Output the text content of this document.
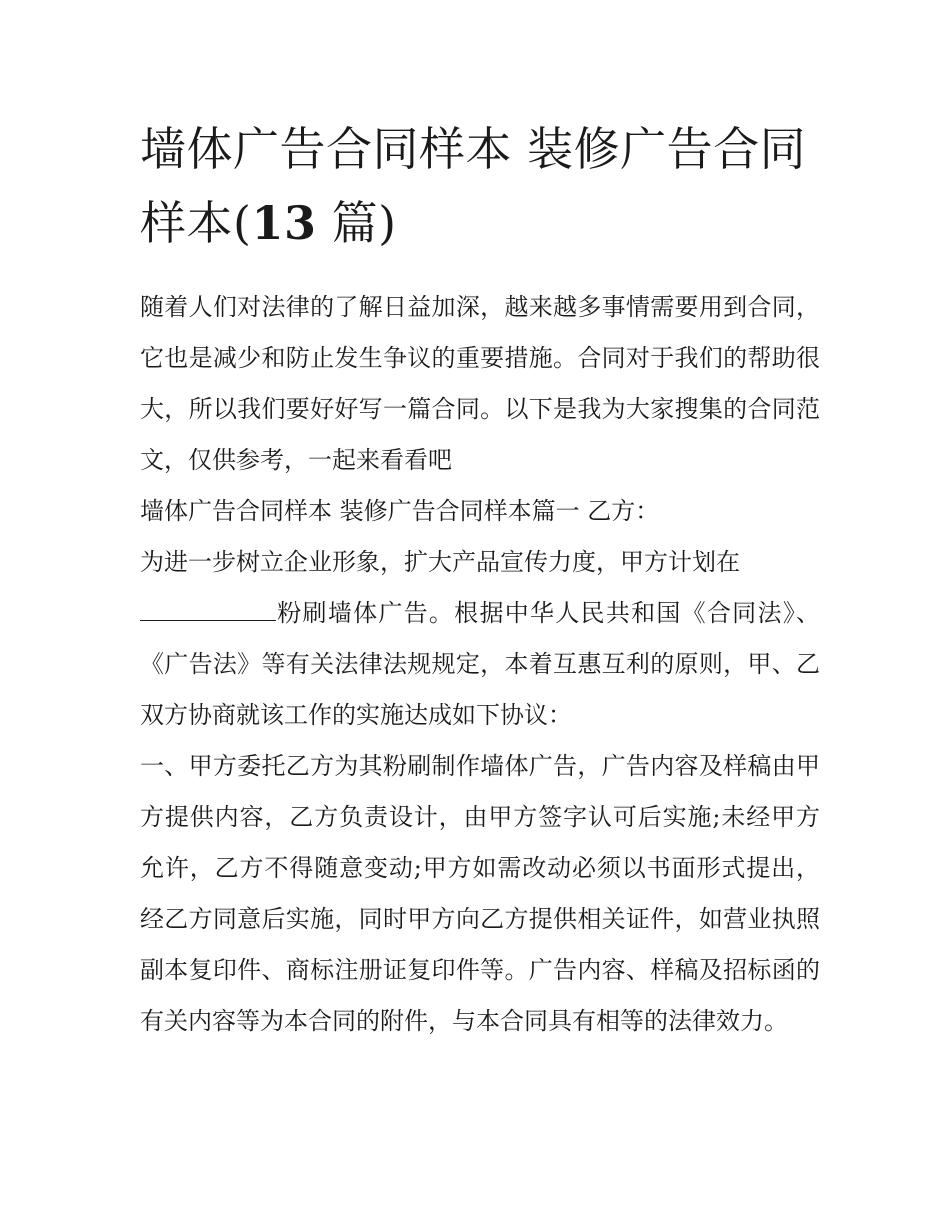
墙体广告合同样本 装修广告合同样本(13 篇)

随着人们对法律的了解日益加深，越来越多事情需要用到合同，它也是减少和防止发生争议的重要措施。合同对于我们的帮助很大，所以我们要好好写一篇合同。以下是我为大家搜集的合同范文，仅供参考，一起来看看吧

墙体广告合同样本 装修广告合同样本篇一 乙方：

为进一步树立企业形象，扩大产品宣传力度，甲方计划在
粉刷墙体广告。根据中华人民共和国《合同法》、《广告法》等有关法律法规规定，本着互惠互利的原则，甲、乙双方协商就该工作的实施达成如下协议：

一、甲方委托乙方为其粉刷制作墙体广告，广告内容及样稿由甲方提供内容，乙方负责设计，由甲方签字认可后实施;未经甲方允许，乙方不得随意变动;甲方如需改动必须以书面形式提出，经乙方同意后实施，同时甲方向乙方提供相关证件，如营业执照副本复印件、商标注册证复印件等。广告内容、样稿及招标函的有关内容等为本合同的附件，与本合同具有相等的法律效力。
